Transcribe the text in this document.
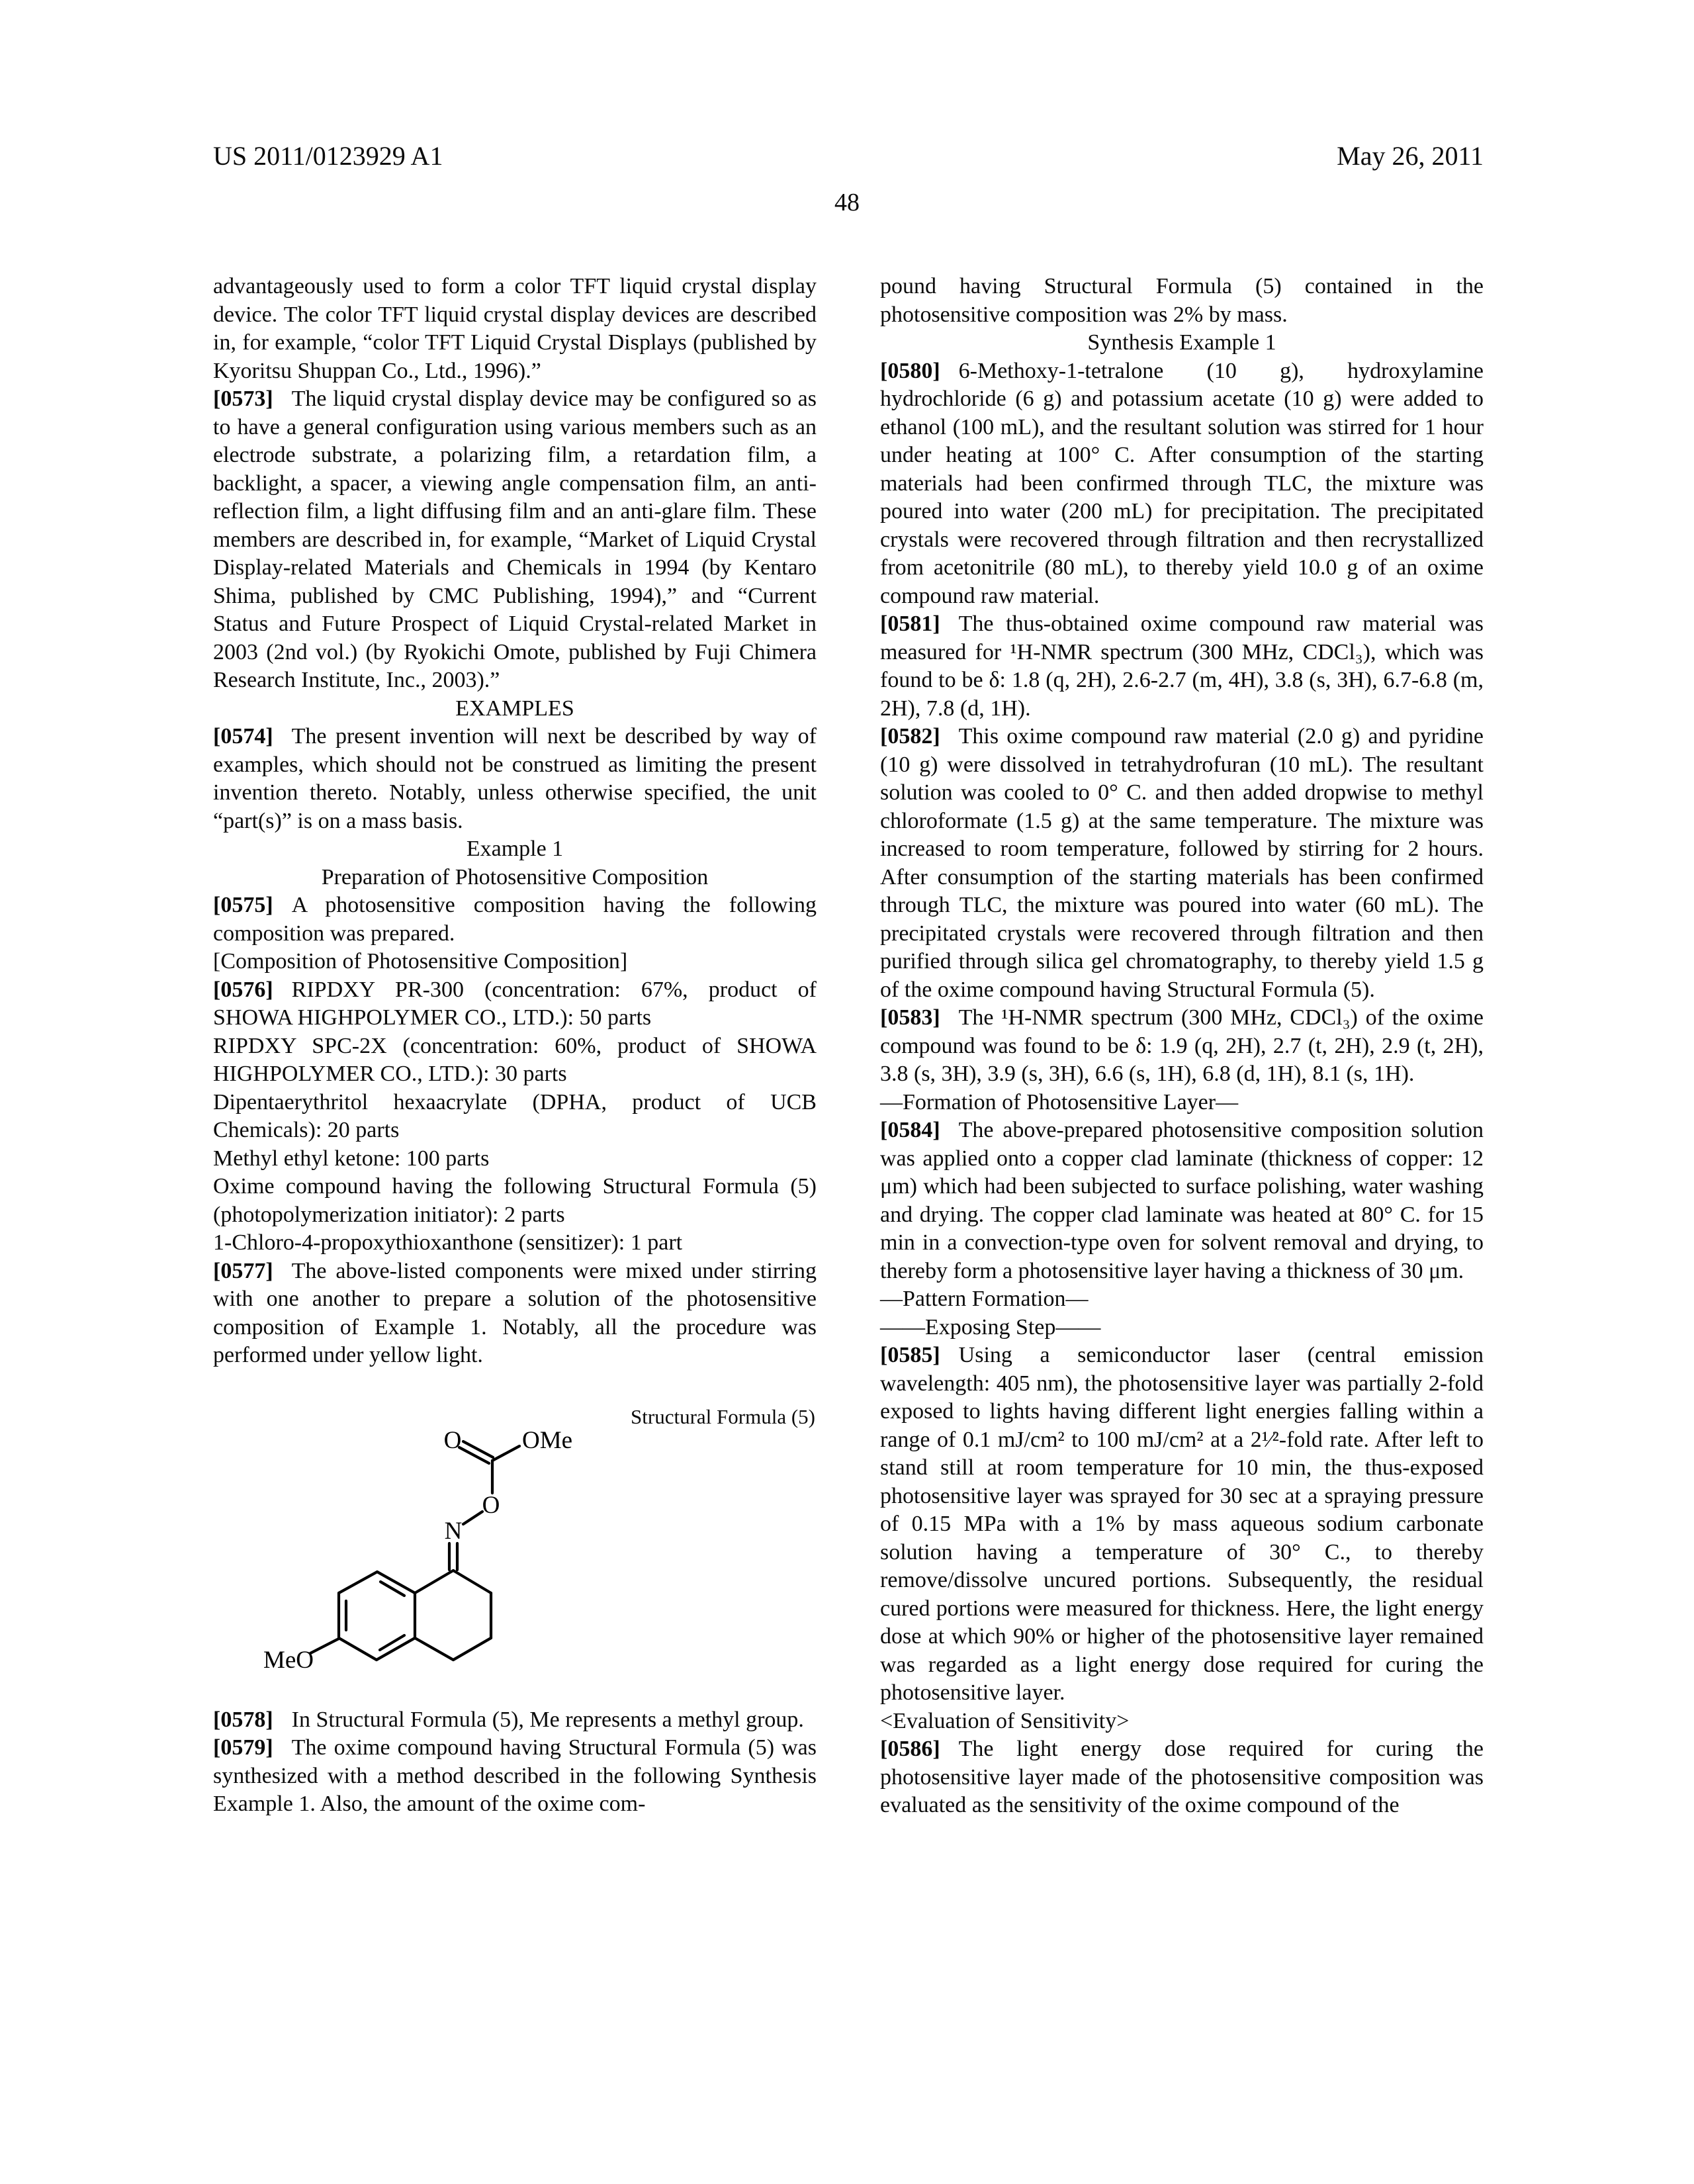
US 2011/0123929 A1	May 26, 2011
48

advantageously used to form a color TFT liquid crystal display device. The color TFT liquid crystal display devices are described in, for example, “color TFT Liquid Crystal Displays (published by Kyoritsu Shuppan Co., Ltd., 1996).”

[0573] The liquid crystal display device may be configured so as to have a general configuration using various members such as an electrode substrate, a polarizing film, a retardation film, a backlight, a spacer, a viewing angle compensation film, an anti-reflection film, a light diffusing film and an anti-glare film. These members are described in, for example, “Market of Liquid Crystal Display-related Materials and Chemicals in 1994 (by Kentaro Shima, published by CMC Publishing, 1994),” and “Current Status and Future Prospect of Liquid Crystal-related Market in 2003 (2nd vol.) (by Ryokichi Omote, published by Fuji Chimera Research Institute, Inc., 2003).”

EXAMPLES

[0574] The present invention will next be described by way of examples, which should not be construed as limiting the present invention thereto. Notably, unless otherwise specified, the unit “part(s)” is on a mass basis.

Example 1

Preparation of Photosensitive Composition

[0575] A photosensitive composition having the following composition was prepared.

[Composition of Photosensitive Composition]

[0576] RIPDXY PR-300 (concentration: 67%, product of SHOWA HIGHPOLYMER CO., LTD.): 50 parts

RIPDXY SPC-2X (concentration: 60%, product of SHOWA HIGHPOLYMER CO., LTD.): 30 parts

Dipentaerythritol hexaacrylate (DPHA, product of UCB Chemicals): 20 parts

Methyl ethyl ketone: 100 parts

Oxime compound having the following Structural Formula (5) (photopolymerization initiator): 2 parts

1-Chloro-4-propoxythioxanthone (sensitizer): 1 part

[0577] The above-listed components were mixed under stirring with one another to prepare a solution of the photosensitive composition of Example 1. Notably, all the procedure was performed under yellow light.

Structural Formula (5)
O OMe
O
N
MeO

[0578] In Structural Formula (5), Me represents a methyl group.

[0579] The oxime compound having Structural Formula (5) was synthesized with a method described in the following Synthesis Example 1. Also, the amount of the oxime com-

pound having Structural Formula (5) contained in the photosensitive composition was 2% by mass.

Synthesis Example 1

[0580] 6-Methoxy-1-tetralone (10 g), hydroxylamine hydrochloride (6 g) and potassium acetate (10 g) were added to ethanol (100 mL), and the resultant solution was stirred for 1 hour under heating at 100° C. After consumption of the starting materials had been confirmed through TLC, the mixture was poured into water (200 mL) for precipitation. The precipitated crystals were recovered through filtration and then recrystallized from acetonitrile (80 mL), to thereby yield 10.0 g of an oxime compound raw material.

[0581] The thus-obtained oxime compound raw material was measured for ¹H-NMR spectrum (300 MHz, CDCl₃), which was found to be δ: 1.8 (q, 2H), 2.6-2.7 (m, 4H), 3.8 (s, 3H), 6.7-6.8 (m, 2H), 7.8 (d, 1H).

[0582] This oxime compound raw material (2.0 g) and pyridine (10 g) were dissolved in tetrahydrofuran (10 mL). The resultant solution was cooled to 0° C. and then added dropwise to methyl chloroformate (1.5 g) at the same temperature. The mixture was increased to room temperature, followed by stirring for 2 hours. After consumption of the starting materials has been confirmed through TLC, the mixture was poured into water (60 mL). The precipitated crystals were recovered through filtration and then purified through silica gel chromatography, to thereby yield 1.5 g of the oxime compound having Structural Formula (5).

[0583] The ¹H-NMR spectrum (300 MHz, CDCl₃) of the oxime compound was found to be δ: 1.9 (q, 2H), 2.7 (t, 2H), 2.9 (t, 2H), 3.8 (s, 3H), 3.9 (s, 3H), 6.6 (s, 1H), 6.8 (d, 1H), 8.1 (s, 1H).

—Formation of Photosensitive Layer—

[0584] The above-prepared photosensitive composition solution was applied onto a copper clad laminate (thickness of copper: 12 μm) which had been subjected to surface polishing, water washing and drying. The copper clad laminate was heated at 80° C. for 15 min in a convection-type oven for solvent removal and drying, to thereby form a photosensitive layer having a thickness of 30 μm.

—Pattern Formation—

——Exposing Step——

[0585] Using a semiconductor laser (central emission wavelength: 405 nm), the photosensitive layer was partially 2-fold exposed to lights having different light energies falling within a range of 0.1 mJ/cm² to 100 mJ/cm² at a 2¹⁄²-fold rate. After left to stand still at room temperature for 10 min, the thus-exposed photosensitive layer was sprayed for 30 sec at a spraying pressure of 0.15 MPa with a 1% by mass aqueous sodium carbonate solution having a temperature of 30° C., to thereby remove/dissolve uncured portions. Subsequently, the residual cured portions were measured for thickness. Here, the light energy dose at which 90% or higher of the photosensitive layer remained was regarded as a light energy dose required for curing the photosensitive layer.

<Evaluation of Sensitivity>

[0586] The light energy dose required for curing the photosensitive layer made of the photosensitive composition was evaluated as the sensitivity of the oxime compound of the
